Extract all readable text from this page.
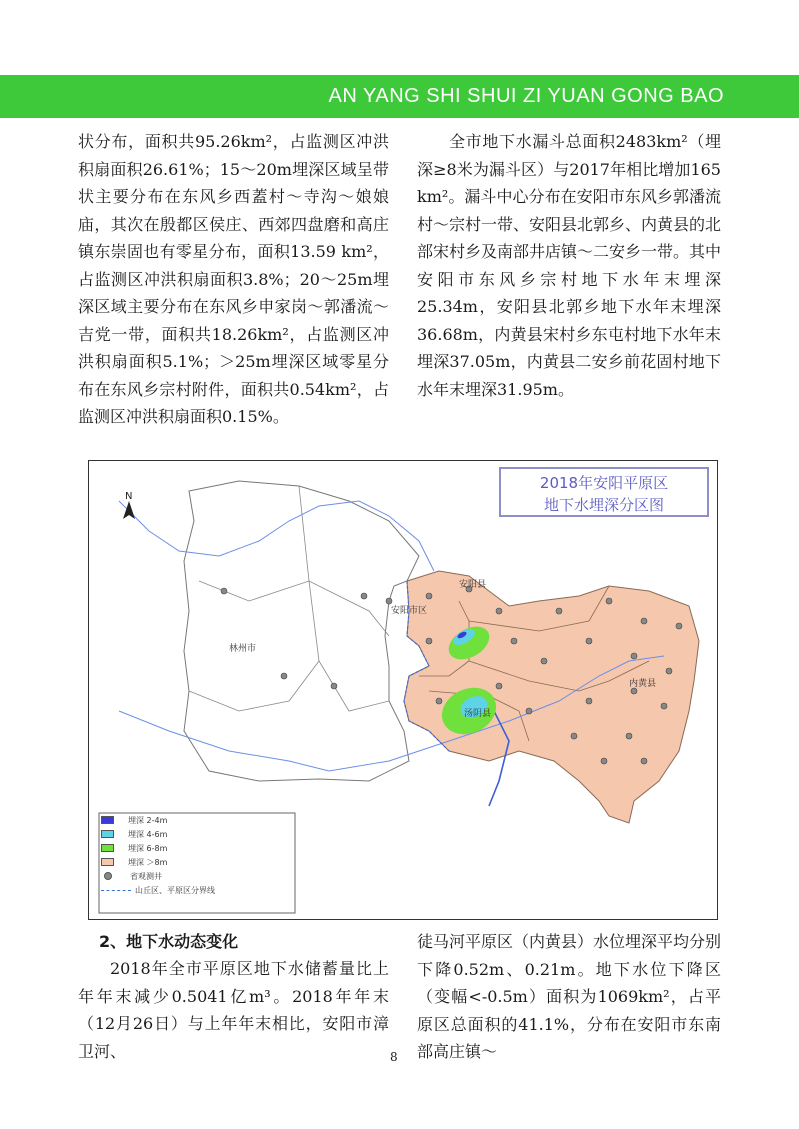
AN YANG SHI SHUI ZI YUAN GONG BAO

状分布，面积共95.26km²，占监测区冲洪积扇面积26.61%；15～20m埋深区域呈带状主要分布在东风乡西蓋村～寺沟～娘娘庙，其次在殷都区侯庄、西郊四盘磨和高庄镇东崇固也有零星分布，面积13.59 km²，占监测区冲洪积扇面积3.8%；20～25m埋深区域主要分布在东风乡申家岗～郭潘流～吉党一带，面积共18.26km²，占监测区冲洪积扇面积5.1%；＞25m埋深区域零星分布在东风乡宗村附件，面积共0.54km²，占监测区冲洪积扇面积0.15%。

全市地下水漏斗总面积2483km²（埋深≥8米为漏斗区）与2017年相比增加165 km²。漏斗中心分布在安阳市东风乡郭潘流村～宗村一带、安阳县北郭乡、内黄县的北部宋村乡及南部井店镇～二安乡一带。其中安阳市东风乡宗村地下水年末埋深25.34m，安阳县北郭乡地下水年末埋深36.68m，内黄县宋村乡东屯村地下水年末埋深37.05m，内黄县二安乡前花固村地下水年末埋深31.95m。

安阳县
安阳市区
林州市
内黄县
汤阴县
N
2018年安阳平原区
地下水埋深分区图
埋深 2-4m
埋深 4-6m
埋深 6-8m
埋深 ＞8m
省观测井
山丘区、平原区分界线
2、地下水动态变化

2018年全市平原区地下水储蓄量比上年年末减少0.5041亿m³。2018年年末（12月26日）与上年年末相比，安阳市漳卫河、

徒马河平原区（内黄县）水位埋深平均分别下降0.52m、0.21m。地下水位下降区（变幅<-0.5m）面积为1069km²，占平原区总面积的41.1%，分布在安阳市东南部高庄镇～

8
